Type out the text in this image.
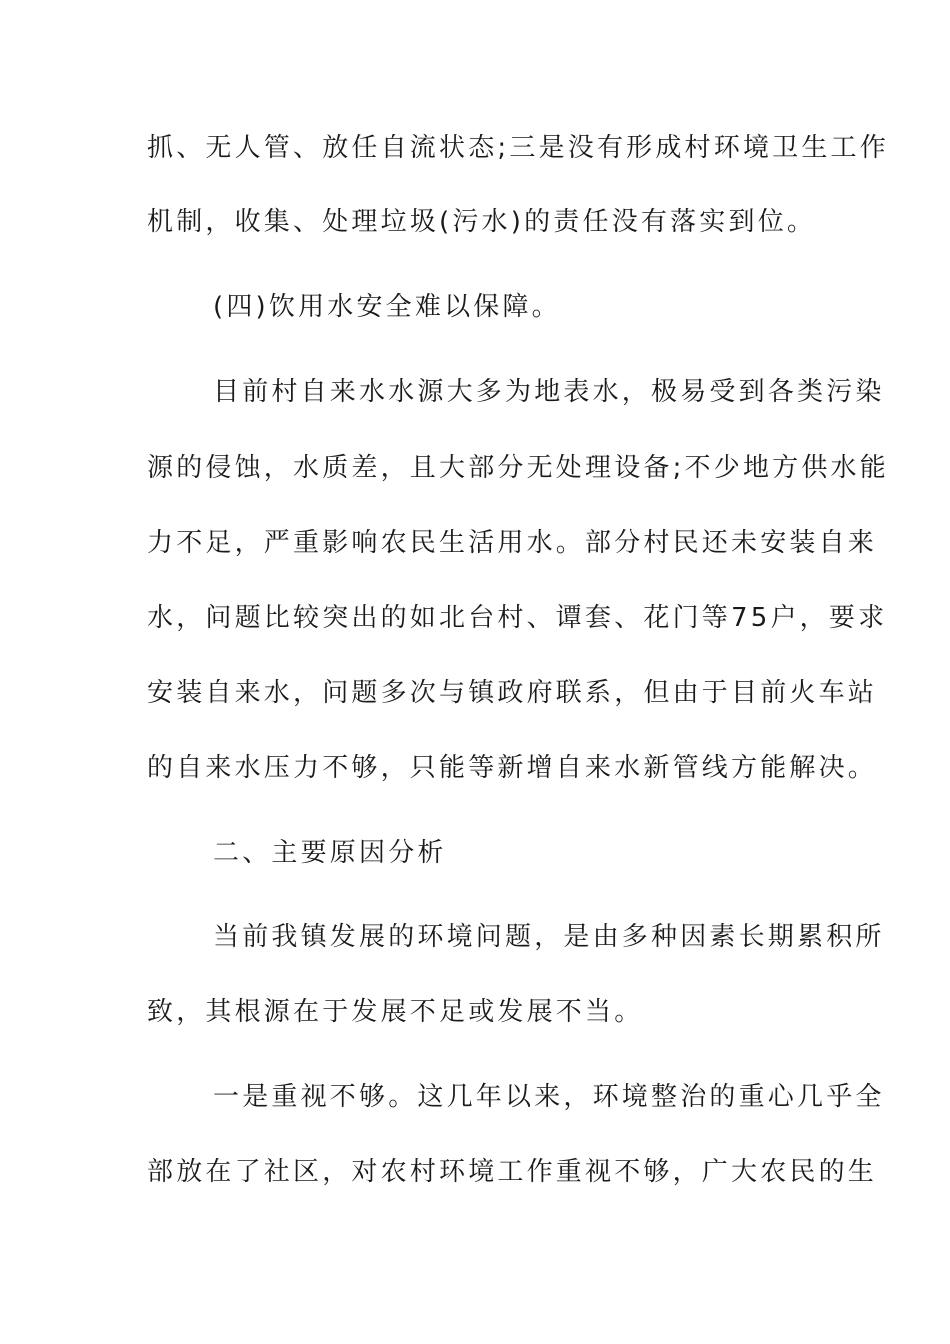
抓、无人管、放任自流状态;三是没有形成村环境卫生工作

机制，收集、处理垃圾(污水)的责任没有落实到位。

(四)饮用水安全难以保障。

目前村自来水水源大多为地表水，极易受到各类污染

源的侵蚀，水质差，且大部分无处理设备;不少地方供水能

力不足，严重影响农民生活用水。部分村民还未安装自来

水，问题比较突出的如北台村、谭套、花门等75户，要求

安装自来水，问题多次与镇政府联系，但由于目前火车站

的自来水压力不够，只能等新增自来水新管线方能解决。

二、主要原因分析

当前我镇发展的环境问题，是由多种因素长期累积所

致，其根源在于发展不足或发展不当。

一是重视不够。这几年以来，环境整治的重心几乎全

部放在了社区，对农村环境工作重视不够，广大农民的生
